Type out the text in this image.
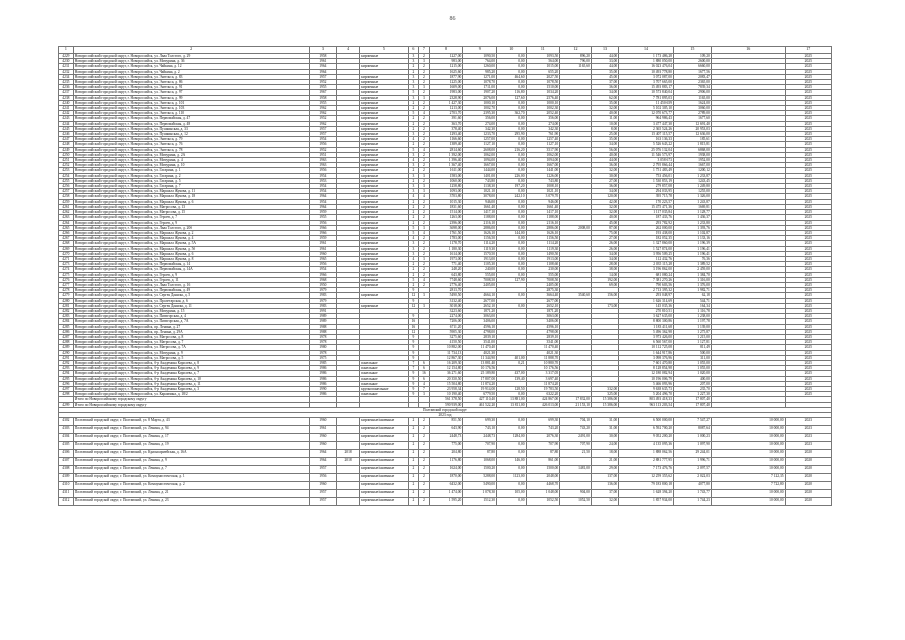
86
1	2	3	4	5	6	7	8	9	10	11	12	13	14	15	16	17
4229	Новороссийский городской округ, г. Новороссийск, ул. Льва Толстого, д. 29	1958		кирпичные	3	2	1227,00	1090,50	0,00	1093,50	896,20	44,00	1 173 486,28	109,20		2025
4230	Новороссийский городской округ, г. Новороссийск, ул. Мичурина, д. 36	1961			3	3	983,00	764,00	0,00	564,00	796,00	33,00	1 880 050,00	2600,00		2025
4231	Новороссийский городской округ, г. Новороссийск, ул. Чайкина, д. 12	1964		кирпичные	2	2	1215,00	1260,00	0,00	1015,00	1165,60	44,00	16 023 476,04	6660,00		2025
4232	Новороссийский городской округ, г. Новороссийск, ул. Чайкина, д. 2	1964			2	2	1625,60	985,20	0,00	655,20		35,00	10 493 778,80	1677,56		2025
4234	Новороссийский городской округ, г. Новороссийск, ул. Энгельса, д. 83	1957		кирпичные	3	2	1877,90	1271,00	464,60	2027,50		45,00	3 072 087,00	2083,47		2025
4235	Новороссийский городской округ, г. Новороссийск, ул. Энгельса, д. 86	1952		кирпичные	3	2	1225,00	1078,70	0,00	1078,50		37,00	3 707 665,00	2365,00		2025
4236	Новороссийский городской округ, г. Новороссийск, ул. Энгельса, д. 91	1955		кирпичные	3	3	1609,00	1711,00	0,00	1510,00		36,00	15 493 883,17	7839,34		2025
4237	Новороссийский городской округ, г. Новороссийск, ул. Энгельса, д. 97	1967		кирпичные	5	2	1983,00	1907,20	116,80	1034,20		34,00	10 573 840,04	2906,00		2025
4238	Новороссийский городской округ, г. Новороссийск, ул. Энгельса, д. 99	1958		кирпичные	3	3	2328,90	2076,00	127,60	2576,40		62,00	7 781 895,03	1165,00		2025
4240	Новороссийский городской округ, г. Новороссийск, ул. Энгельса, д. 101	1955		кирпичные	2	2	1 427,30	1000,10	0,00	1000,10		35,00	11 450 659	1624,00		2025
4241	Новороссийский городской округ, г. Новороссийск, ул. Энгельса, д. 103	1962		кирпичные	2	2	1213,00	1002,70	0,00	1002,30		32,00	5 102 305,10	3060,00		2025
4242	Новороссийский городской округ, г. Новороссийск, ул. Энгельса, д. 110	1962		кирпичные	5	4	2703,70	2395,30	362,70	2052,40		40,00	12 070 673,77	2789,00		2025
4243	Новороссийский городской округ, г. Новороссийск, ул. Первомайская, д. 47	1952		кирпичные	2	2	391,60	356,00	0,00	356,00		11,00	964 986,43	1677,60		2025
4244	Новороссийский городской округ, г. Новороссийск, ул. Первомайская, д. 48	1962		кирпичные	2	2	363,70	274,00	0,00	274,00		10,00	3 477 447,30	12 691,40		2025
4245	Новороссийский городской округ, г. Новороссийск, ул. Пушкинская, д. 33	1957		кирпичные	2	2	378,40	342,30	0,00	342,30		8,00	2 365 524,26	20 953,03		2025
4246	Новороссийский городской округ, г. Новороссийск, ул. Пушкинская, д. 12	1957		кирпичные	3	2	1293,40	1233,70	295,90	761,90		25,00	15 407 115,57	12 636,00		2025
4247	Новороссийский городской округ, г. Новороссийск, ул. Энгельса, д. 79	1954		кирпичные	4	2	1166,60	1257,00	0,00	1257,40		35,00	163 136,33	185,61		2025
4248	Новороссийский городской округ, г. Новороссийск, ул. Энгельса, д. 76	1956		кирпичные	2	2	1389,40	1127,10	0,00	1127,10		34,00	5 526 643,22	1 815,81		2025
4249	Новороссийский городской округ, г. Новороссийск, ул. Энгельса, д. 78	1952		кирпичные	5	4	2814,60	2608,00	216,20	3517,90		56,00	25 076 132,04	6868,00		2025
4250	Новороссийский городской округ, г. Новороссийск, ул. Мичурина, д. 2А	1951		кирпичные	3	2	1 392,00	1062,00	0,00	1062,00		40,00	11 546 573,97	1938,00		2025
4251	Новороссийский городской округ, г. Новороссийск, ул. Мичурина, д. 4	1963		кирпичные	4	2	1 396,40	1094,00	0,00	1094,00		44,00	3 058 673	1952,00		2025
4252	Новороссийский городской округ, г. Новороссийск, ул. Мичурина, д. 10	1963		кирпичные	3	2	1 367,40	1667,00	0,00	1667,00		36,00	2 795 866,44	1667,00		2025
4253	Новороссийский городской округ, г. Новороссийск, ул. Гагарина, д. 1	1956		кирпичные	2	2	1611,00	1444,00	0,00	1441,00		32,00	1 751 483,49	1200,12		2025
4254	Новороссийский городской округ, г. Новороссийск, ул. Гагарина, д. 2	1954		кирпичные	3	3	1583,00	1401,00	226,00	1226,00		30,00	753 456,01	1 233,87		2025
4255	Новороссийский городской округ, г. Новороссийск, ул. Гагарина, д. 5	1953		кирпичные	2	2	1060,00	743,80	0,00	743,80		27,00	1 530 853,19	1243,45		2025
4256	Новороссийский городской округ, г. Новороссийск, ул. Гагарина, д. 7	1954		кирпичные	3	3	1258,80	1138,30	197,20	1008,10		36,00	279 857,08	1 249,80		2025
4257	Новороссийский городской округ, г. Новороссийск, ул. Маршала Жукова, д. 11	1954		кирпичные	3	3	1093,00	1021,10	0,00	1021,10		34,00	294 033,95	1255,00		2025
4258	Новороссийский городской округ, г. Новороссийск, ул. Маршала Жукова, д. 18	1964		кирпичные	4	4	3703,80	3078,00	242,10	3 079,70		120,00	395 715,78	1 326,00		2025
4259	Новороссийский городской округ, г. Новороссийск, ул. Маршала Жукова, д. 6	1954		кирпичные	2	2	1015,30	946,00	0,00	946,00		42,00	170 223,57	1 243,87		2025
4261	Новороссийский городской округ, г. Новороссийск, ул. Матросова, д. 13	1964		кирпичные	2	2	1831,60	1661,40	0,00	1661,40		32,00	15 475 471,36	1669,81		2025
4262	Новороссийский городской округ, г. Новороссийск, ул. Матросова, д. 15	1959		кирпичные	2	2	1514,00	1417,10	0,00	1417,10		32,00	1 117 035,84	1 128,77		2025
4263	Новороссийский городской округ, г. Новороссийск, ул. Героев, д. 7	1955		кирпичные	2	2	1263,00	1188,00	0,00	1188,00		40,00	187 433,76	1 436,37		2025
4264	Новороссийский городской округ, г. Новороссийск, ул. Героев, д. 9	1956		кирпичные	2	2	2396,00	2116,10	0,00	2116,10		45,00	293 782,92	1 233,80		2025
4265	Новороссийский городской округ, г. Новороссийск, ул. Льва Толстого, д. 20б	1966		кирпичные	5	3	3698,00	2886,00	0,00	2886,00	2008,00	87,00	262 000,00	1 393,76		2025
4266	Новороссийский городской округ, г. Новороссийск, ул. Маршала Жукова, д. 2	1966		кирпичные	5	4	1761,50	1626,10	144,00	1626,10		75,00	193 438,00	1 102,87		2025
4267	Новороссийский городской округ, г. Новороссийск, ул. Маршала Жукова, д. 4	1959		кирпичные	4	2	1783,00	1156,50	0,00	1156,50		27,00	182 052,35	1 133,16		2025
4268	Новороссийский городской округ, г. Новороссийск, ул. Маршала Жукова, д. 5А	1961		кирпичные	3	2	1178,70	1114,20	0,00	1114,20		26,00	1 327 860,00	1 196,39		2025
4269	Новороссийский городской округ, г. Новороссийск, ул. Маршала Жукова, д. 5б	1961		кирпичные	3	2	1 180,30	1119,30	0,00	1119,30		26,00	1 527 874,00	1 196,41		2025
4270	Новороссийский городской округ, г. Новороссийск, ул. Маршала Жукова, д. 6	1960		кирпичные	3	2	1614,00	1570,50	0,00	1490,50		34,00	3 956 509,25	1 196,41		2025
4271	Новороссийский городской округ, г. Новороссийск, ул. Маршала Жукова, д. 8	1965		кирпичные	4	3	1973,00	1913,00	0,00	1913,00		34,00	112 432,76	76,36		2025
4273	Новороссийский городской округ, г. Новороссийск, ул. Первомайская, д. 14	1956		кирпичные	2	2	771,40	1105,30	0,00	1108,60		28,00	2 035 115,28	1 389,52		2025
4274	Новороссийский городской округ, г. Новороссийск, ул. Первомайская, д. 14А	1954		кирпичные	2	2	248,20	240,00	0,00	230,00		38,00	3 196 862,00	2 459,00		2025
4275	Новороссийский городской округ, г. Новороссийск, ул. Героев, д. 9	1966		кирпичные	2	2	643,80	555,00	0,00	555,00		14,00	681 080,24	1 384,70		2025
4276	Новороссийский городской округ, г. Новороссийск, ул. Героев, д. 11	1968		кирпичные	5	4	7748,60	7008,50	127,90	7008,50		192,00	7 381 270,26	1 316,00		2025
4277	Новороссийский городской округ, г. Новороссийск, ул. Льва Толстого, д. 16	1950		кирпичные	2	2	2776,40	2405,00		2405,00		69,00	790 603,56	1 376,00		2025
4278	Новороссийский городской округ, г. Новороссийск, ул. Первомайская, д. 49	1979			9		2813,70			2875,30			2 713 395,32	1 982,71		2025
4279	Новороссийский городской округ, г. Новороссийск, ул. Сергея Данилы, д. 5	1983		кирпичные	12	3	5490,50	4664,10	0,00	3664,40	3540,60	156,00	293 048,97	62,18		2025
4280	Новороссийский городской округ, г. Новороссийск, ул. Пролетарская, д. 6	1979			9		3132,40	2677,00		2677,00			1 626 314,69	544,71		2025
4281	Новороссийский городской округ, г. Новороссийск, ул. Сергея Данилы, д. 11	1983		кирпичные	12	3	3018,00	2652,10	0,00	2652,10		173,00	145 035,36	164,34		2025
4282	Новороссийский городской округ, г. Новороссийск, ул. Мичурина, д. 15	1991					3223,60	1871,20		1871,20			270 810,51	1 116,78		2025
4283	Новороссийский городской округ, г. Новороссийск, ул. Пятигорская, д. 4	1989			9		2274,00	3063,00		3063,00			3 627 635,00	1 238,00		2025
4284	Новороссийский городской округ, г. Новороссийск, ул. Пятигорская, д. 7А	1989			16		7206,00	3406,00		3406,00			8 800 300,86	1 197,78		2025
4285	Новороссийский городской округ, г. Новороссийск, пр. Ленина, д. 27	1988			16		6711,20	4596,10		4596,10			1 183 411,68	1 139,00		2025
4286	Новороссийский городской округ, г. Новороссийск, пр. Ленина, д. 29А	1988			12		5905,30	4798,00		4798,00			5 496 362,98	1 275,87		2025
4287	Новороссийский городской округ, г. Новороссийск, ул. Матросова, д. 8	1978			9		3275,60	2839,10		2839,10			3 973 426,00	1 215,00		2025
4288	Новороссийский городской округ, г. Новороссийск, ул. Матросова, д. 7	1978			9		4150,50	3541,00		3541,00			6 560 567,00	1 127,81		2025
4289	Новороссийский городской округ, г. Новороссийск, ул. Матросова, д. 7А	1980			9		10 882,00	11 470,40		11 470,40			10 112 725,08	811,49		2025
4290	Новороссийский городской округ, г. Новороссийск, ул. Мичурина, д. 9	1978			9		11 734,13	4021,30		4021,30			1 644 917,86	500,00		2025
4291	Новороссийский городской округ, г. Новороссийск, ул. Матросова, д. 5	1975			9		12 867,30	11 344,90	401,00	11 888,70			3 098 376,96	311,00		2025
4292	Новороссийский городской округ, г. Новороссийск, б-р Академика Королева, д. 8	1985		панельные	7	6	16 209,30	13 881,40	0,21	10 880,70			7 601 470,80	1 055,00		2025
4293	Новороссийский городской округ, г. Новороссийск, б-р Академика Королева, д. 9	1986		панельные	7	6	12 154,80	10 176,56		10 176,56			8 128 854,98	1 055,00		2025
4294	Новороссийский городской округ, г. Новороссийск, б-р Академика Королева, д. 7	1986		панельные	9	16	36 271,60	25 189,80	437,00	3 317,05			12 180 082,94	1 020,00		2025
4295	Новороссийский городской округ, г. Новороссийск, б-р Академика Королева, д. 10	1986		панельные	9	6	20 350,50	17 807,00	139,40	3 697,40			10 196 006,79	400,00		2025
4296	Новороссийский городской округ, г. Новороссийск, б-р Академика Королева, д. 11	1986		панельные	9	4	15 504,80	11 874,20		11 874,20			5 466 093,96	207,00		2025
4297	Новороссийский городской округ, г. Новороссийск, б-р Академика Королева, д. 3	1990		крупнопанельные	9	7	23 958,34	19 914,00	128,50	19 783,50		332,00	9 638 635,73	235,70		2025
4298	Новороссийский городской округ, г. Новороссийск, ул. Карамзина, д. 18/2	1986		панельные	9	3	10 190,40	6779,50	0,00	6322,20		325,00	5 204 496,70	1 227,30		2025
	Итого по Новороссийскому городскому округу						561 378,50	427 110,40	13 881,00	424 867,00	17 832,00	15 386,00	803 493 418,33	17 807,40		
4299	Итого по Новороссийскому городскому округу						590 939,00	461 522,20	13 811,00	426 013,00	21 153,10	15 386,00	963 113 203,54	17 807,40		
Полтавский городской округ																
2023 год																
4302	Полтавский городской округ, г. Полтавский, ул. 8 Марта, д. 43	1960		кирпичные/каменные	2	2	851,50	699,30	0,00	699,30	704,10	31,00	6 500 000,00	7 547,27	10 000,00	2023
4303	Полтавский городской округ, г. Полтавский, ул. Ленина, д. 94	1961		кирпичные/каменные	2	2	643,90	743,10	0,00	743,20	743,20	31,00	6 592 700,20	8087,64	10 000,00	2023
4304	Полтавский городской округ, г. Полтавский, ул. Ленина, д. 17	1960		кирпичные/каменные	2	2	2448,73	2448,73	1284,00	2076,30	2491,00	30,00	9 052 200,20	1 000,23	10 000,00	2023
4305	Полтавский городской округ, г. Полтавский, ул. Ленина, д. 19	1960		кирпичные/каменные	2	2	775,00	707,90	0,00	707,90	707,90	24,00	4 135 095,36	1 097,90	10 000,00	2023
4306	Полтавский городской округ, г. Полтавский, ул. Красноармейская, д. 16А	1964	2018	кирпичные/каменные	2	2	204,80	87,80	0,00	87,80	21,50	18,00	1 888 062,56	29 244,01	10 000,00	2020
4307	Полтавский городской округ, г. Полтавский, ул. Ленина, д. 9	1964	2018	кирпичные/каменные	2	2	1176,80	1068,00	146,00	861,00		21,00	2 881 777,95	1 996,71	10 000,00	2020
4308	Полтавский городской округ, г. Полтавский, ул. Ленина, д. 7	1957		кирпичные/каменные	2	2	1624,00	1500,20	0,00	1500,00	1481,00	29,00	7 173 476,76	2 097,57	10 000,00	2020
4309	Полтавский городской округ, г. Полтавский, ул. Коммунистическая, д. 1	1956		кирпичные/каменные	2	2	1870,00	5288,00	1123,00	2048,00		137,00	12 259 355,62	2 022,03	7 122,35	2020
4310	Полтавский городской округ, г. Полтавский, ул. Коммунистическая, д. 2	1960		кирпичные/каменные	2	2	6432,00	5490,00	0,00	4468,70		136,00	79 183 800,18	4077,80	7 722,80	2020
4311	Полтавский городской округ, г. Полтавский, ул. Ленина, д. 21	1957		кирпичные/каменные	2	2	1 474,00	1 078,30	105,00	1 048,00	904,00	37,00	1 628 394,20	1 743,77	10 000,00	2020
4312	Полтавский городской округ, г. Полтавский, ул. Ленина, д. 23	1957		кирпичные/каменные	2	2	1 595,20	1512,30	0,00	1052,50	1052,50	32,00	1 857 934,00	1 744,23	10 000,00	2020
